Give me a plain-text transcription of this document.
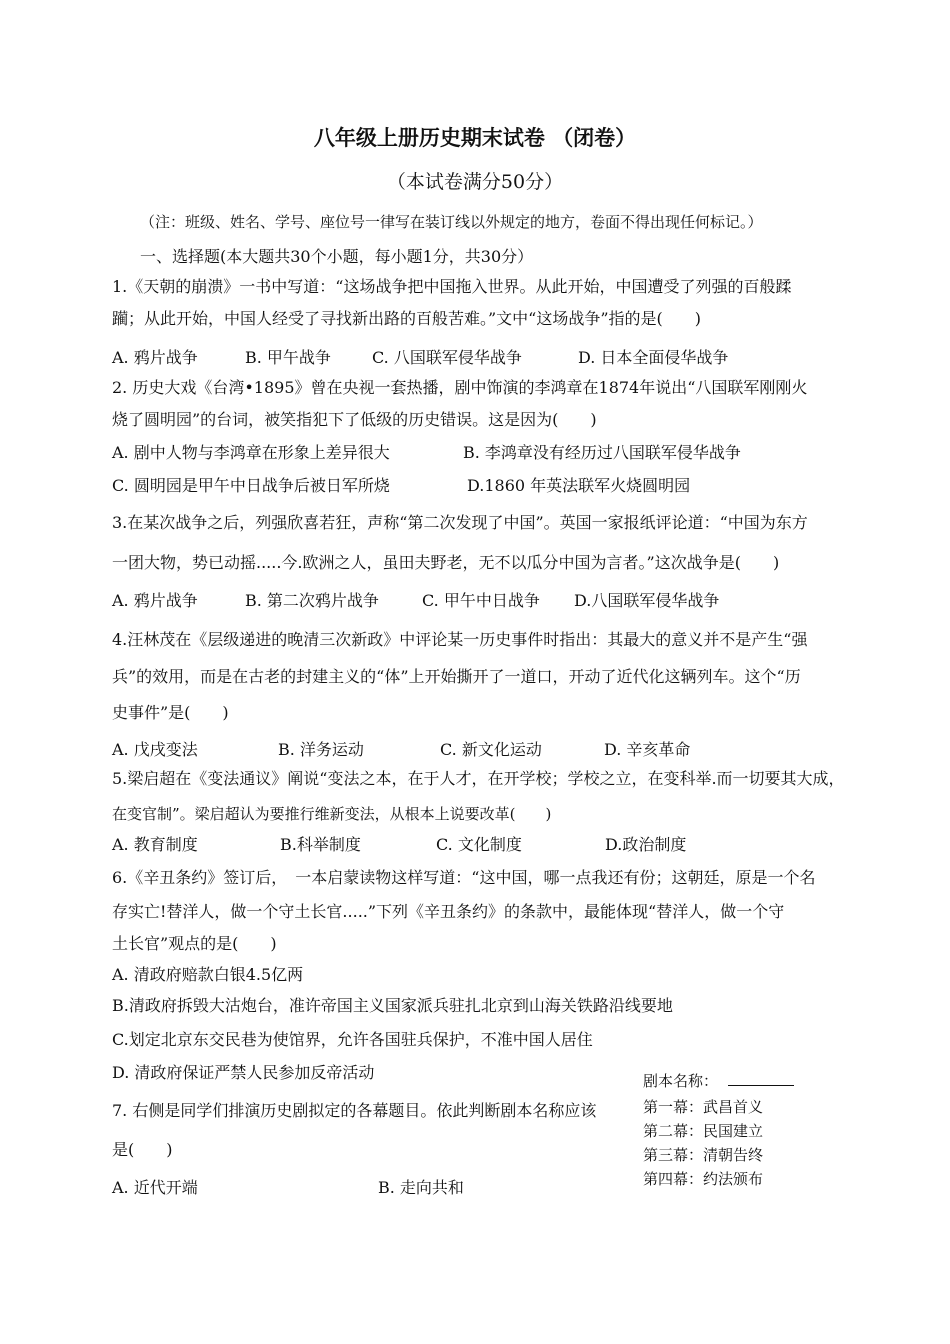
八年级上册历史期末试卷 （闭卷）
（本试卷满分50分）
（注：班级、姓名、学号、座位号一律写在装订线以外规定的地方，卷面不得出现任何标记。）
一、选择题(本大题共30个小题，每小题1分，共30分）
1.《天朝的崩溃》一书中写道：“这场战争把中国拖入世界。从此开始，中国遭受了列强的百般蹂
躏；从此开始，中国人经受了寻找新出路的百般苦难。”文中“这场战争”指的是(　　)
A. 鸦片战争	B. 甲午战争	C. 八国联军侵华战争	D. 日本全面侵华战争
2. 历史大戏《台湾•1895》曾在央视一套热播，剧中饰演的李鸿章在1874年说出“八国联军刚刚火
烧了圆明园”的台词，被笑指犯下了低级的历史错误。这是因为(　　)
A. 剧中人物与李鸿章在形象上差异很大	B. 李鸿章没有经历过八国联军侵华战争
C. 圆明园是甲午中日战争后被日军所烧	D.1860 年英法联军火烧圆明园
3.在某次战争之后，列强欣喜若狂，声称“第二次发现了中国”。英国一家报纸评论道：“中国为东方
一团大物，势已动摇.....今.欧洲之人，虽田夫野老，无不以瓜分中国为言者。”这次战争是(　　)
A. 鸦片战争	B. 第二次鸦片战争	C. 甲午中日战争 D.八国联军侵华战争
4.汪林茂在《层级递进的晚清三次新政》中评论某一历史事件时指出：其最大的意义并不是产生“强
兵”的效用，而是在古老的封建主义的“体”上开始撕开了一道口，开动了近代化这辆列车。这个“历
史事件”是(　　)
A. 戊戌变法	B. 洋务运动	C. 新文化运动	D. 辛亥革命
5.梁启超在《变法通议》阐说“变法之本，在于人才，在开学校；学校之立，在变科举.而一切要其大成，
在变官制”。梁启超认为要推行维新变法，从根本上说要改革(　　)
A. 教育制度	B.科举制度	C. 文化制度	D.政治制度
6.《辛丑条约》签订后，　一本启蒙读物这样写道：“这中国，哪一点我还有份；这朝廷，原是一个名
存实亡!替洋人，做一个守土长官.....”下列《辛丑条约》的条款中，最能体现“替洋人，做一个守
土长官”观点的是(　　)
A. 清政府赔款白银4.5亿两
B.清政府拆毁大沽炮台，准许帝国主义国家派兵驻扎北京到山海关铁路沿线要地
C.划定北京东交民巷为使馆界，允许各国驻兵保护，不准中国人居住
D. 清政府保证严禁人民参加反帝活动
7. 右侧是同学们排演历史剧拟定的各幕题目。依此判断剧本名称应该
是(　　)
A. 近代开端	B. 走向共和
剧本名称：
第一幕：武昌首义
第二幕：民国建立
第三幕：清朝告终
第四幕：约法颁布
